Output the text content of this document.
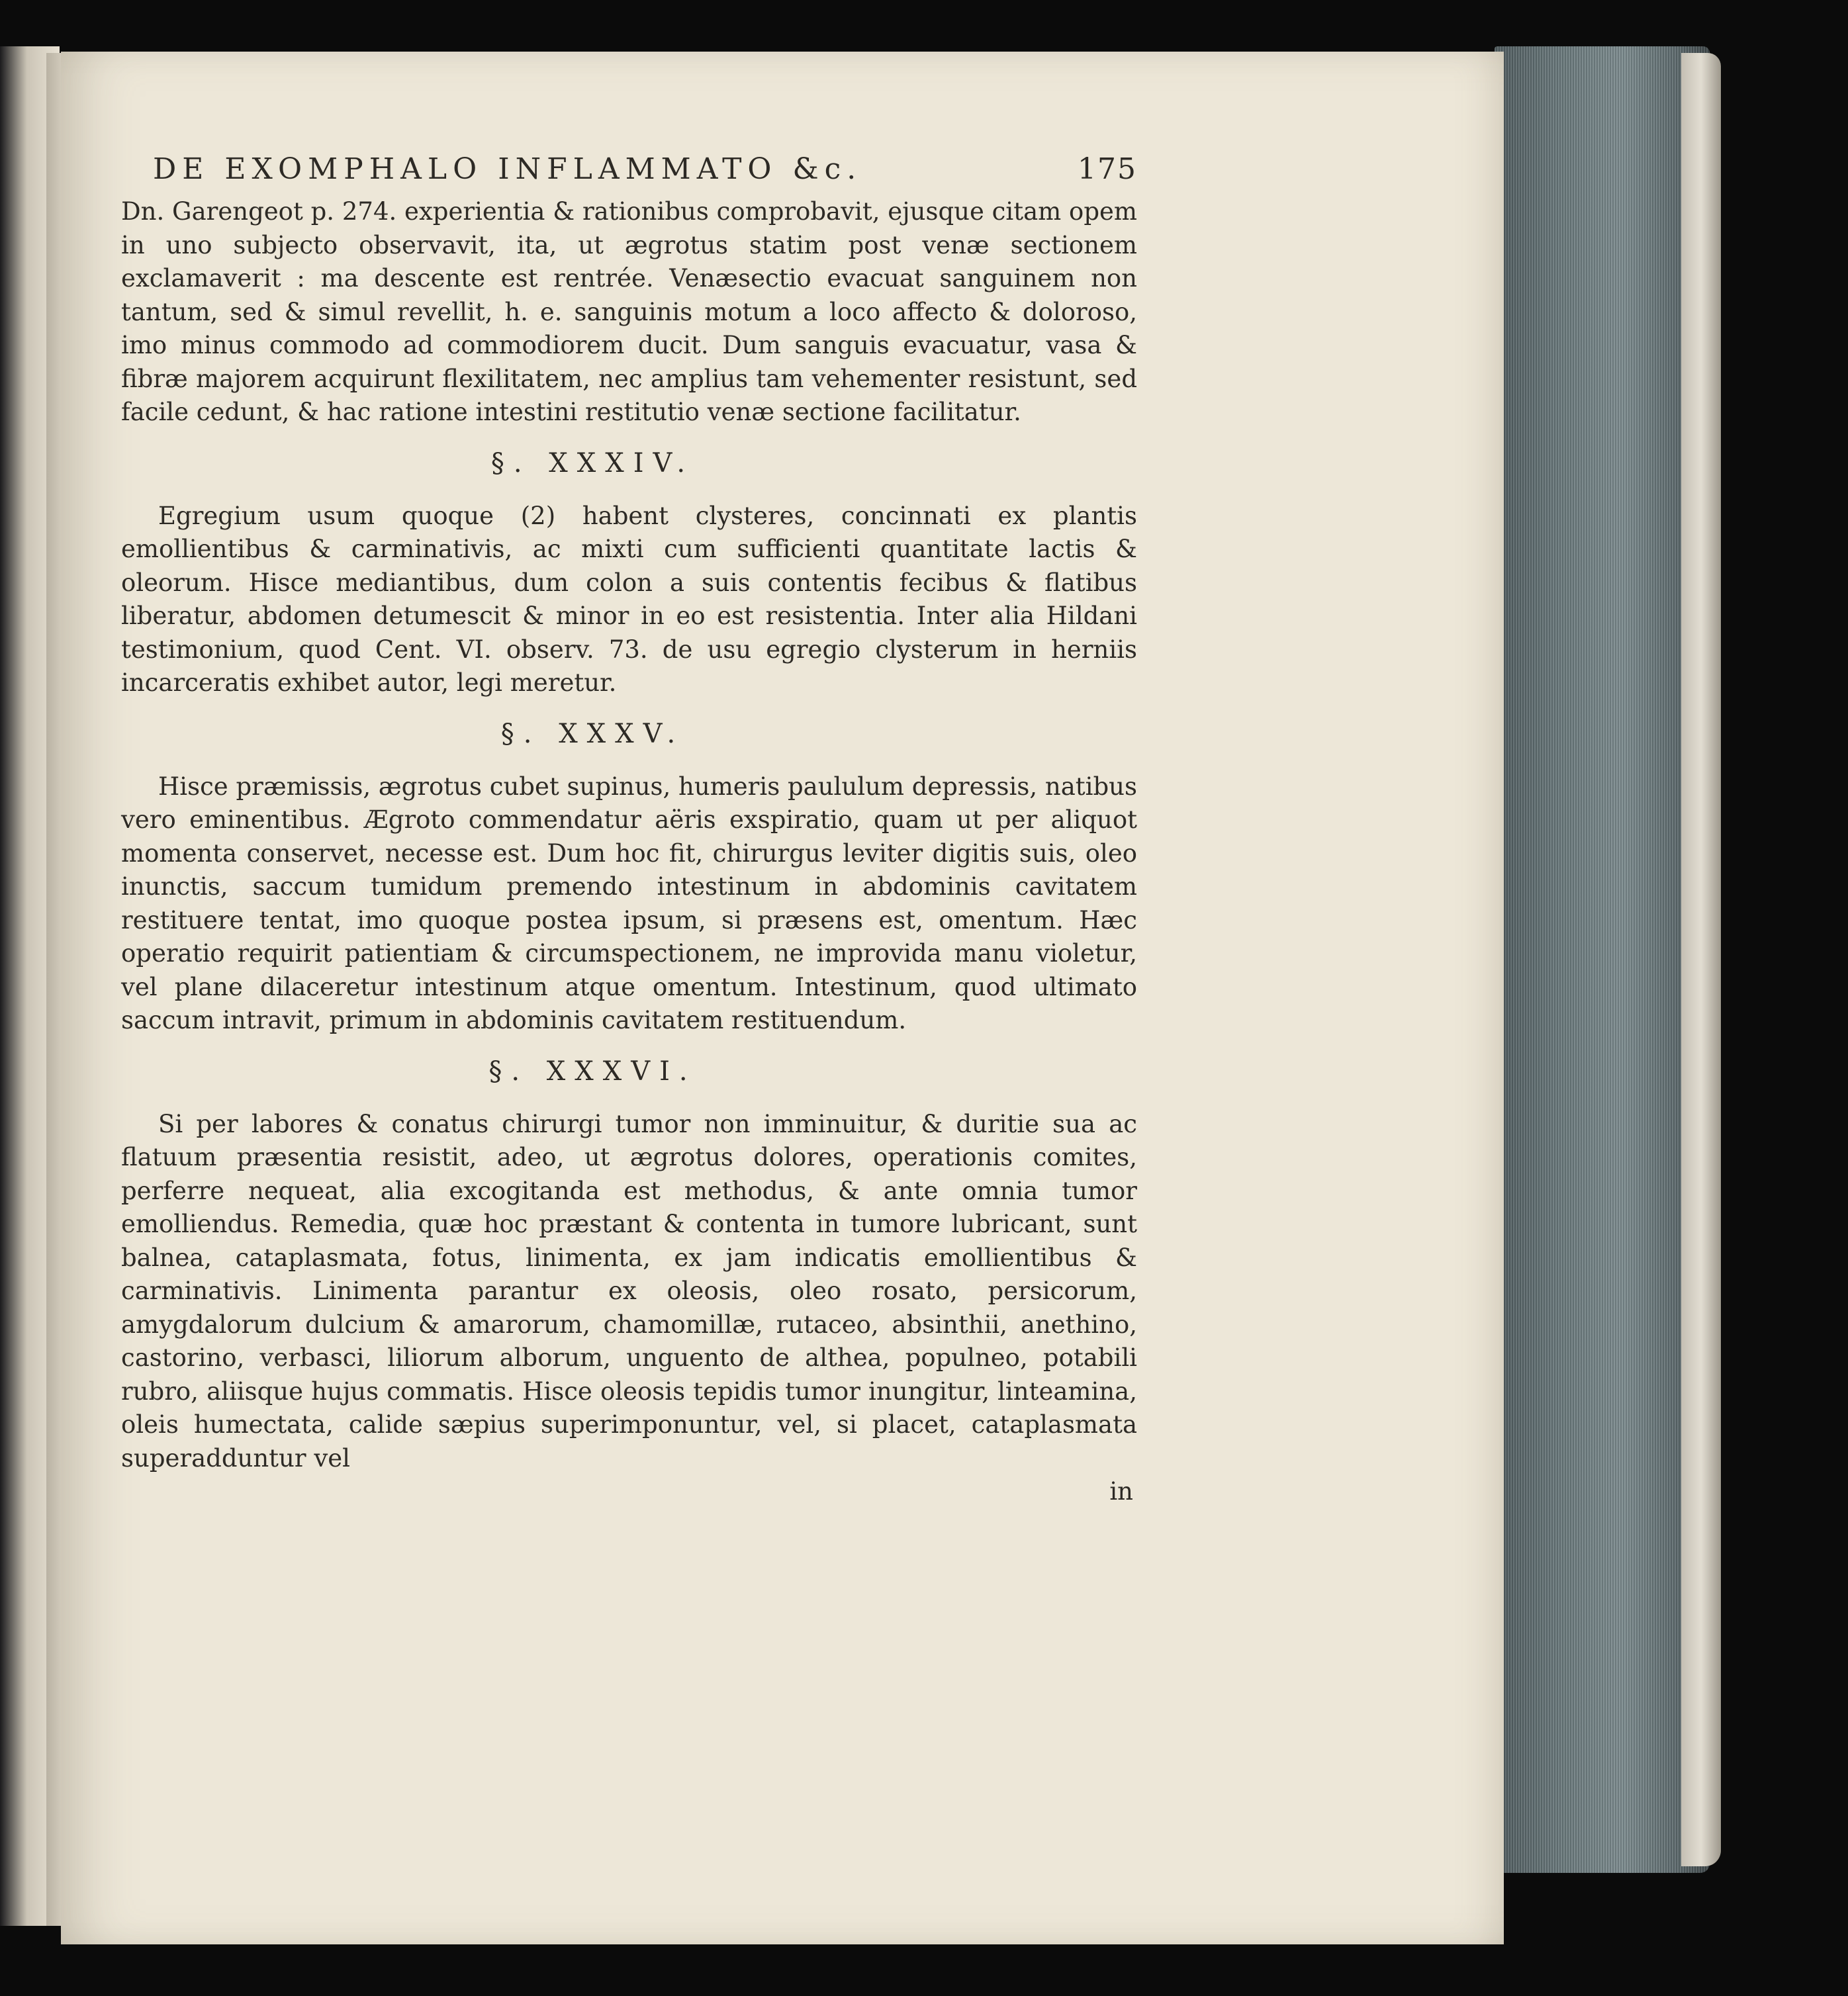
DE EXOMPHALO INFLAMMATO &c.	175

Dn. Garengeot p. 274. experientia & rationibus comprobavit, ejusque citam opem in uno subjecto observavit, ita, ut ægrotus statim post venæ sectionem exclamaverit : ma descente est rentrée. Venæsectio evacuat sanguinem non tantum, sed & simul revellit, h. e. sanguinis motum a loco affecto & doloroso, imo minus commodo ad commodiorem ducit. Dum sanguis evacuatur, vasa & fibræ majorem acquirunt flexilitatem, nec amplius tam vehementer resistunt, sed facile cedunt, & hac ratione intestini restitutio venæ sectione facilitatur.

§. XXXIV.

Egregium usum quoque (2) habent clysteres, concinnati ex plantis emollientibus & carminativis, ac mixti cum sufficienti quantitate lactis & oleorum. Hisce mediantibus, dum colon a suis contentis fecibus & flatibus liberatur, abdomen detumescit & minor in eo est resistentia. Inter alia Hildani testimonium, quod Cent. VI. observ. 73. de usu egregio clysterum in herniis incarceratis exhibet autor, legi meretur.

§. XXXV.

Hisce præmissis, ægrotus cubet supinus, humeris paululum depressis, natibus vero eminentibus. Ægroto commendatur aëris exspiratio, quam ut per aliquot momenta conservet, necesse est. Dum hoc fit, chirurgus leviter digitis suis, oleo inunctis, saccum tumidum premendo intestinum in abdominis cavitatem restituere tentat, imo quoque postea ipsum, si præsens est, omentum. Hæc operatio requirit patientiam & circumspectionem, ne improvida manu violetur, vel plane dilaceretur intestinum atque omentum. Intestinum, quod ultimato saccum intravit, primum in abdominis cavitatem restituendum.

§. XXXVI.

Si per labores & conatus chirurgi tumor non imminuitur, & duritie sua ac flatuum præsentia resistit, adeo, ut ægrotus dolores, operationis comites, perferre nequeat, alia excogitanda est methodus, & ante omnia tumor emolliendus. Remedia, quæ hoc præstant & contenta in tumore lubricant, sunt balnea, cataplasmata, fotus, linimenta, ex jam indicatis emollientibus & carminativis. Linimenta parantur ex oleosis, oleo rosato, persicorum, amygdalorum dulcium & amarorum, chamomillæ, rutaceo, absinthii, anethino, castorino, verbasci, liliorum alborum, unguento de althea, populneo, potabili rubro, aliisque hujus commatis. Hisce oleosis tepidis tumor inungitur, linteamina, oleis humectata, calide sæpius superimponuntur, vel, si placet, cataplasmata superadduntur vel

in
